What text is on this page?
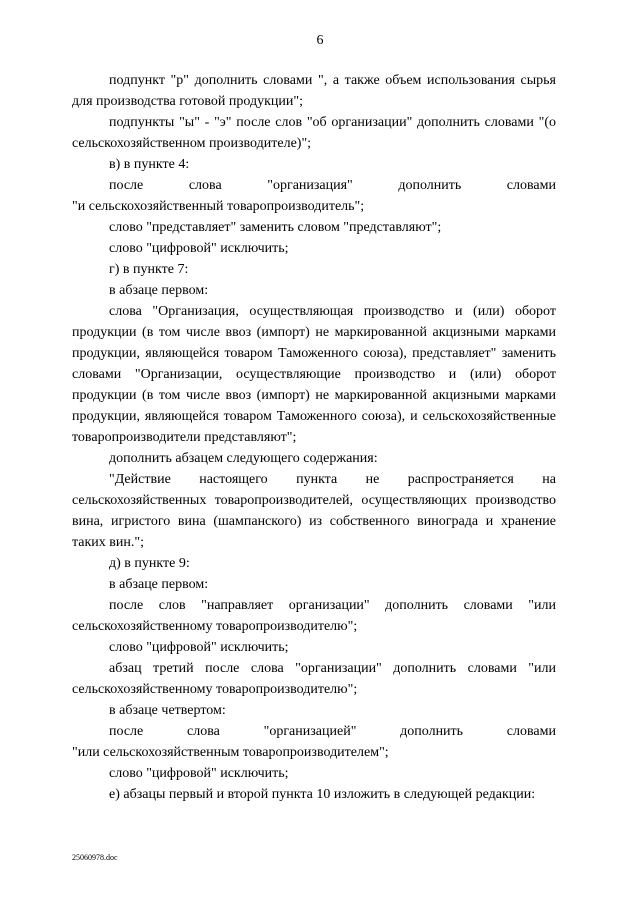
6

подпункт "р" дополнить словами ", а также объем использования сырья для производства готовой продукции";

подпункты "ы" - "э" после слов "об организации" дополнить словами "(о сельскохозяйственном производителе)";

в) в пункте 4:

после	слова "организация" дополнить словами

"и сельскохозяйственный товаропроизводитель";

слово "представляет" заменить словом "представляют";

слово "цифровой" исключить;

г) в пункте 7:

в абзаце первом:

слова "Организация, осуществляющая производство и (или) оборот продукции (в том числе ввоз (импорт) не маркированной акцизными марками продукции, являющейся товаром Таможенного союза), представляет" заменить словами "Организации, осуществляющие производство и (или) оборот продукции (в том числе ввоз (импорт) не маркированной акцизными марками продукции, являющейся товаром Таможенного союза), и сельскохозяйственные товаропроизводители представляют";

дополнить абзацем следующего содержания:

"Действие настоящего пункта не распространяется на сельскохозяйственных товаропроизводителей, осуществляющих производство вина, игристого вина (шампанского) из собственного винограда и хранение таких вин.";

д) в пункте 9:

в абзаце первом:

после слов "направляет организации" дополнить словами "или сельскохозяйственному товаропроизводителю";

слово "цифровой" исключить;

абзац третий после слова "организации" дополнить словами "или сельскохозяйственному товаропроизводителю";

в абзаце четвертом:

после	слова "организацией" дополнить словами

"или сельскохозяйственным товаропроизводителем";

слово "цифровой" исключить;

е) абзацы первый и второй пункта 10 изложить в следующей редакции:

25060978.doc
